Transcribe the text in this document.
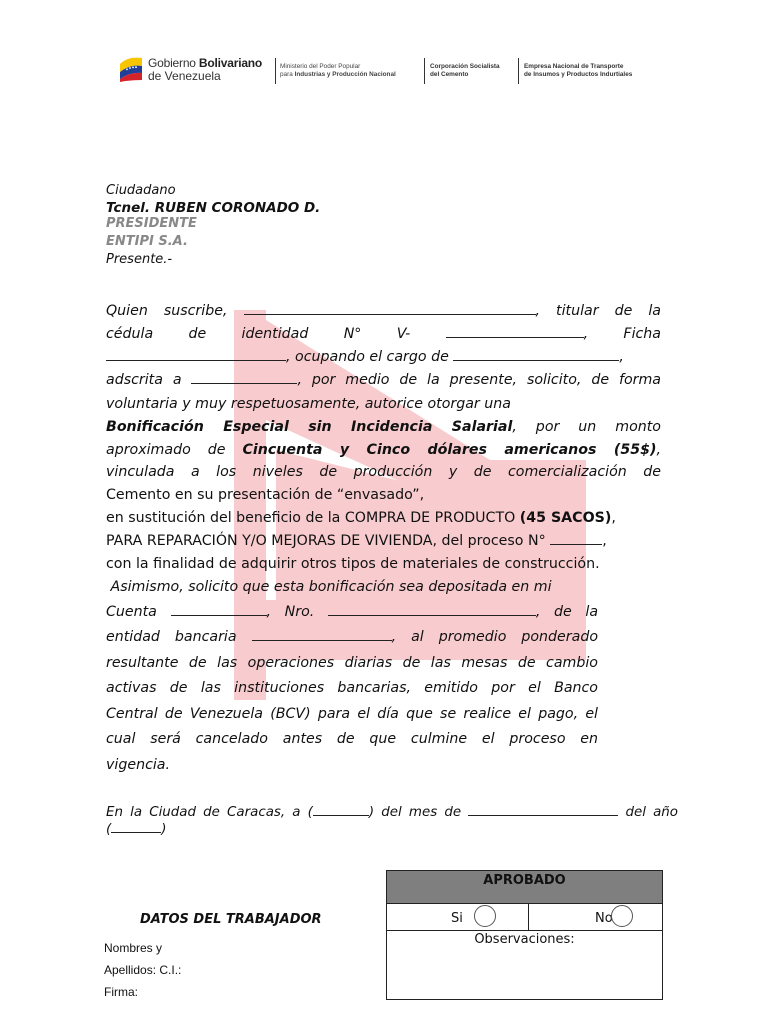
Gobierno Bolivariano
de Venezuela
Ministerio del Poder Popular
para Industrias y Producción Nacional
Corporación Socialista
del Cemento
Empresa Nacional de Transporte
de Insumos y Productos Indurtiales
Ciudadano
Tcnel. RUBEN CORONADO D.
PRESIDENTE
ENTIPI S.A.
Presente.-
Quien suscribe,	, titular de la
cédula de identidad N° V-	, Ficha
, ocupando el cargo de	,
adscrita a	, por medio de la presente, solicito, de forma
voluntaria y muy respetuosamente, autorice otorgar una
Bonificación Especial sin Incidencia Salarial, por un monto
aproximado de Cincuenta y Cinco dólares americanos (55$),
vinculada a los niveles de producción y de comercialización de
Cemento en su presentación de “envasado”,
en sustitución del beneficio de la COMPRA DE PRODUCTO (45 SACOS),
PARA REPARACIÓN Y/O MEJORAS DE VIVIENDA, del proceso N°	,
con la finalidad de adquirir otros tipos de materiales de construcción.
Asimismo, solicito que esta bonificación sea depositada en mi
Cuenta	, Nro.	, de la
entidad bancaria	, al promedio ponderado
resultante de las operaciones diarias de las mesas de cambio
activas de las instituciones bancarias, emitido por el Banco
Central de Venezuela (BCV) para el día que se realice el pago, el
cual será cancelado antes de que culmine el proceso en
vigencia.
En la Ciudad de Caracas, a (	) del mes de	del año
(	)
DATOS DEL TRABAJADOR
Nombres y
Apellidos: C.I.:
Firma:
APROBADO
Si	No
Observaciones:
